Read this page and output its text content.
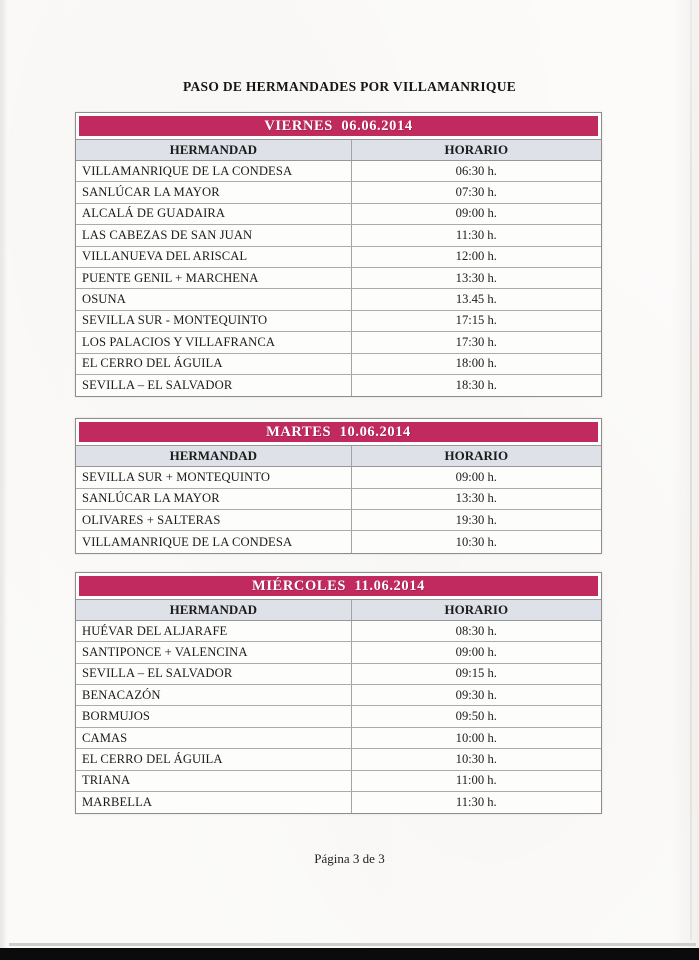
PASO DE HERMANDADES POR VILLAMANRIQUE
VIERNES  06.06.2014
HERMANDAD	HORARIO
VILLAMANRIQUE DE LA CONDESA	06:30 h.
SANLÚCAR LA MAYOR	07:30 h.
ALCALÁ DE GUADAIRA	09:00 h.
LAS CABEZAS DE SAN JUAN	11:30 h.
VILLANUEVA DEL ARISCAL	12:00 h.
PUENTE GENIL + MARCHENA	13:30 h.
OSUNA	13.45 h.
SEVILLA SUR - MONTEQUINTO	17:15 h.
LOS PALACIOS Y VILLAFRANCA	17:30 h.
EL CERRO DEL ÁGUILA	18:00 h.
SEVILLA – EL SALVADOR	18:30 h.
MARTES  10.06.2014
HERMANDAD	HORARIO
SEVILLA SUR + MONTEQUINTO	09:00 h.
SANLÚCAR LA MAYOR	13:30 h.
OLIVARES + SALTERAS	19:30 h.
VILLAMANRIQUE DE LA CONDESA	10:30 h.
MIÉRCOLES  11.06.2014
HERMANDAD	HORARIO
HUÉVAR DEL ALJARAFE	08:30 h.
SANTIPONCE + VALENCINA	09:00 h.
SEVILLA – EL SALVADOR	09:15 h.
BENACAZÓN	09:30 h.
BORMUJOS	09:50 h.
CAMAS	10:00 h.
EL CERRO DEL ÁGUILA	10:30 h.
TRIANA	11:00 h.
MARBELLA	11:30 h.
Página 3 de 3
